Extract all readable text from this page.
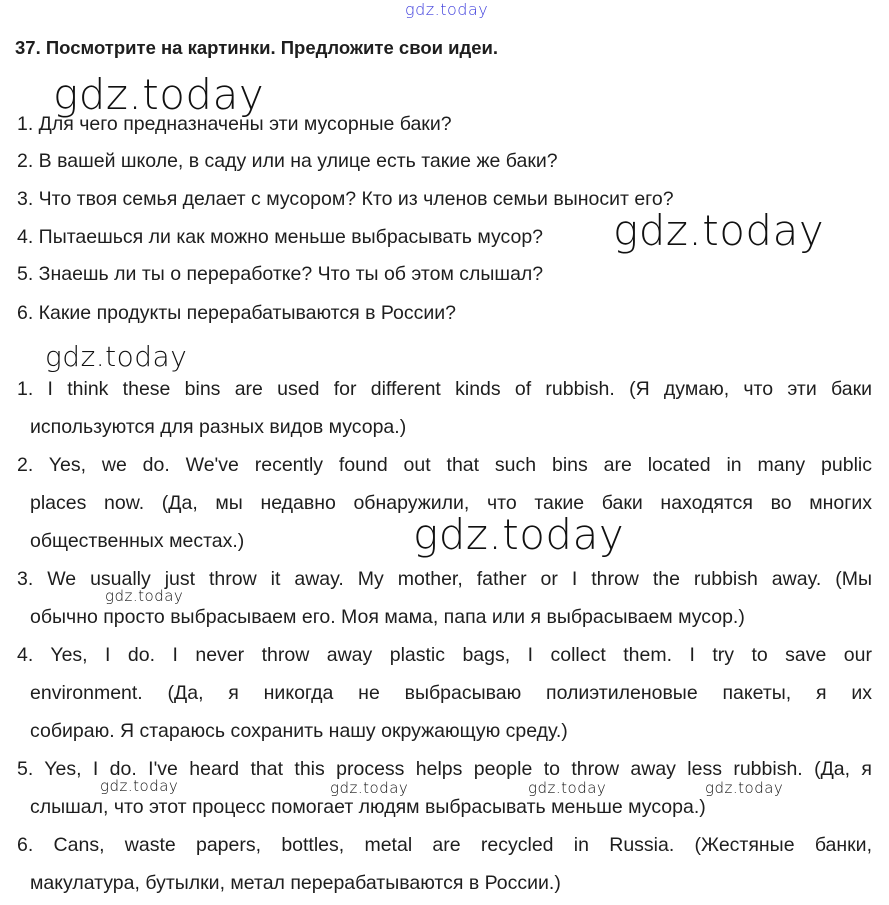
gdz.today
37. Посмотрите на картинки. Предложите свои идеи.
1. Для чего предназначены эти мусорные баки?
2. В вашей школе, в саду или на улице есть такие же баки?
3. Что твоя семья делает с мусором? Кто из членов семьи выносит его?
4. Пытаешься ли как можно меньше выбрасывать мусор?
5. Знаешь ли ты о переработке? Что ты об этом слышал?
6. Какие продукты перерабатываются в России?
1. I think these bins are used for different kinds of rubbish. (Я думаю, что эти баки
используются для разных видов мусора.)
2. Yes, we do. We've recently found out that such bins are located in many public
places now. (Да, мы недавно обнаружили, что такие баки находятся во многих
общественных местах.)
3. We usually just throw it away. My mother, father or I throw the rubbish away. (Мы
обычно просто выбрасываем его. Моя мама, папа или я выбрасываем мусор.)
4. Yes, I do. I never throw away plastic bags, I collect them. I try to save our
environment. (Да, я никогда не выбрасываю полиэтиленовые пакеты, я их
собираю. Я стараюсь сохранить нашу окружающую среду.)
5. Yes, I do. I've heard that this process helps people to throw away less rubbish. (Да, я
слышал, что этот процесс помогает людям выбрасывать меньше мусора.)
6. Cans, waste papers, bottles, metal are recycled in Russia. (Жестяные банки,
макулатура, бутылки, метал перерабатываются в России.)
gdz.today
gdz.today
gdz.today
gdz.today
gdz.today
gdz.today	gdz.today	gdz.today	gdz.today
